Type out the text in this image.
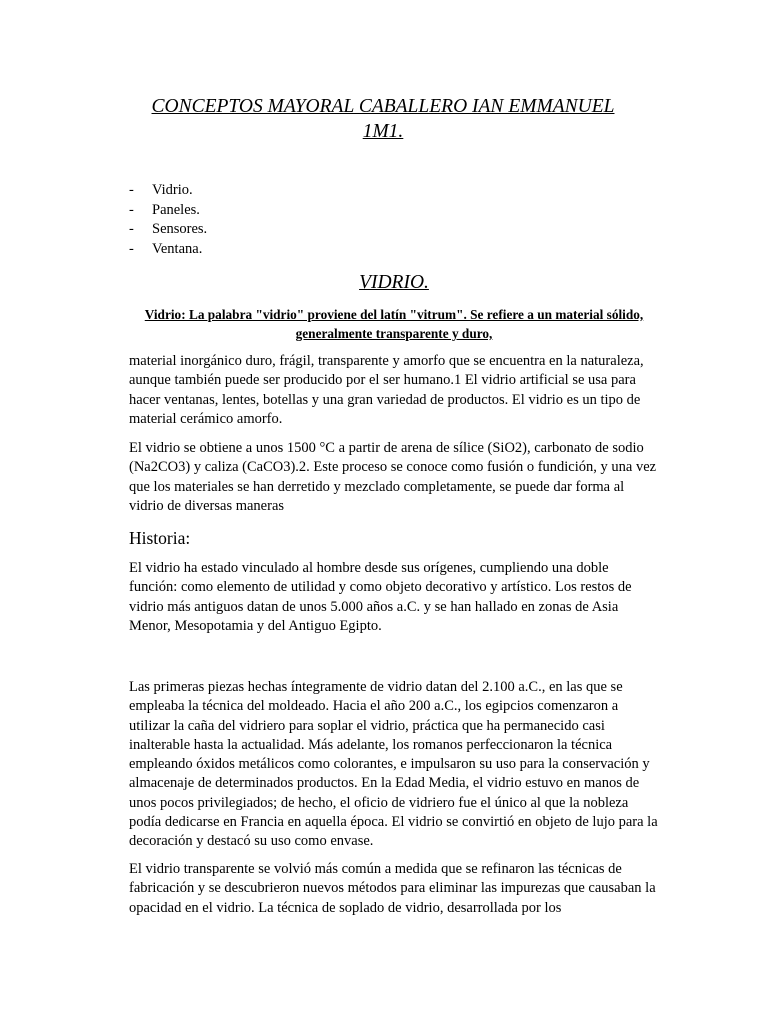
CONCEPTOS MAYORAL CABALLERO IAN EMMANUEL 1M1.
- Vidrio.
- Paneles.
- Sensores.
- Ventana.
VIDRIO.

Vidrio: La palabra "vidrio" proviene del latín "vitrum". Se refiere a un material sólido, generalmente transparente y duro,

material inorgánico duro, frágil, transparente y amorfo que se encuentra en la naturaleza, aunque también puede ser producido por el ser humano.1 El vidrio artificial se usa para hacer ventanas, lentes, botellas y una gran variedad de productos. El vidrio es un tipo de material cerámico amorfo.

El vidrio se obtiene a unos 1500 °C a partir de arena de sílice (SiO2), carbonato de sodio (Na2CO3) y caliza (CaCO3).2. Este proceso se conoce como fusión o fundición, y una vez que los materiales se han derretido y mezclado completamente, se puede dar forma al vidrio de diversas maneras

Historia:

El vidrio ha estado vinculado al hombre desde sus orígenes, cumpliendo una doble función: como elemento de utilidad y como objeto decorativo y artístico. Los restos de vidrio más antiguos datan de unos 5.000 años a.C. y se han hallado en zonas de Asia Menor, Mesopotamia y del Antiguo Egipto.

Las primeras piezas hechas íntegramente de vidrio datan del 2.100 a.C., en las que se empleaba la técnica del moldeado. Hacia el año 200 a.C., los egipcios comenzaron a utilizar la caña del vidriero para soplar el vidrio, práctica que ha permanecido casi inalterable hasta la actualidad. Más adelante, los romanos perfeccionaron la técnica empleando óxidos metálicos como colorantes, e impulsaron su uso para la conservación y almacenaje de determinados productos. En la Edad Media, el vidrio estuvo en manos de unos pocos privilegiados; de hecho, el oficio de vidriero fue el único al que la nobleza podía dedicarse en Francia en aquella época. El vidrio se convirtió en objeto de lujo para la decoración y destacó su uso como envase.

El vidrio transparente se volvió más común a medida que se refinaron las técnicas de fabricación y se descubrieron nuevos métodos para eliminar las impurezas que causaban la opacidad en el vidrio. La técnica de soplado de vidrio, desarrollada por los
